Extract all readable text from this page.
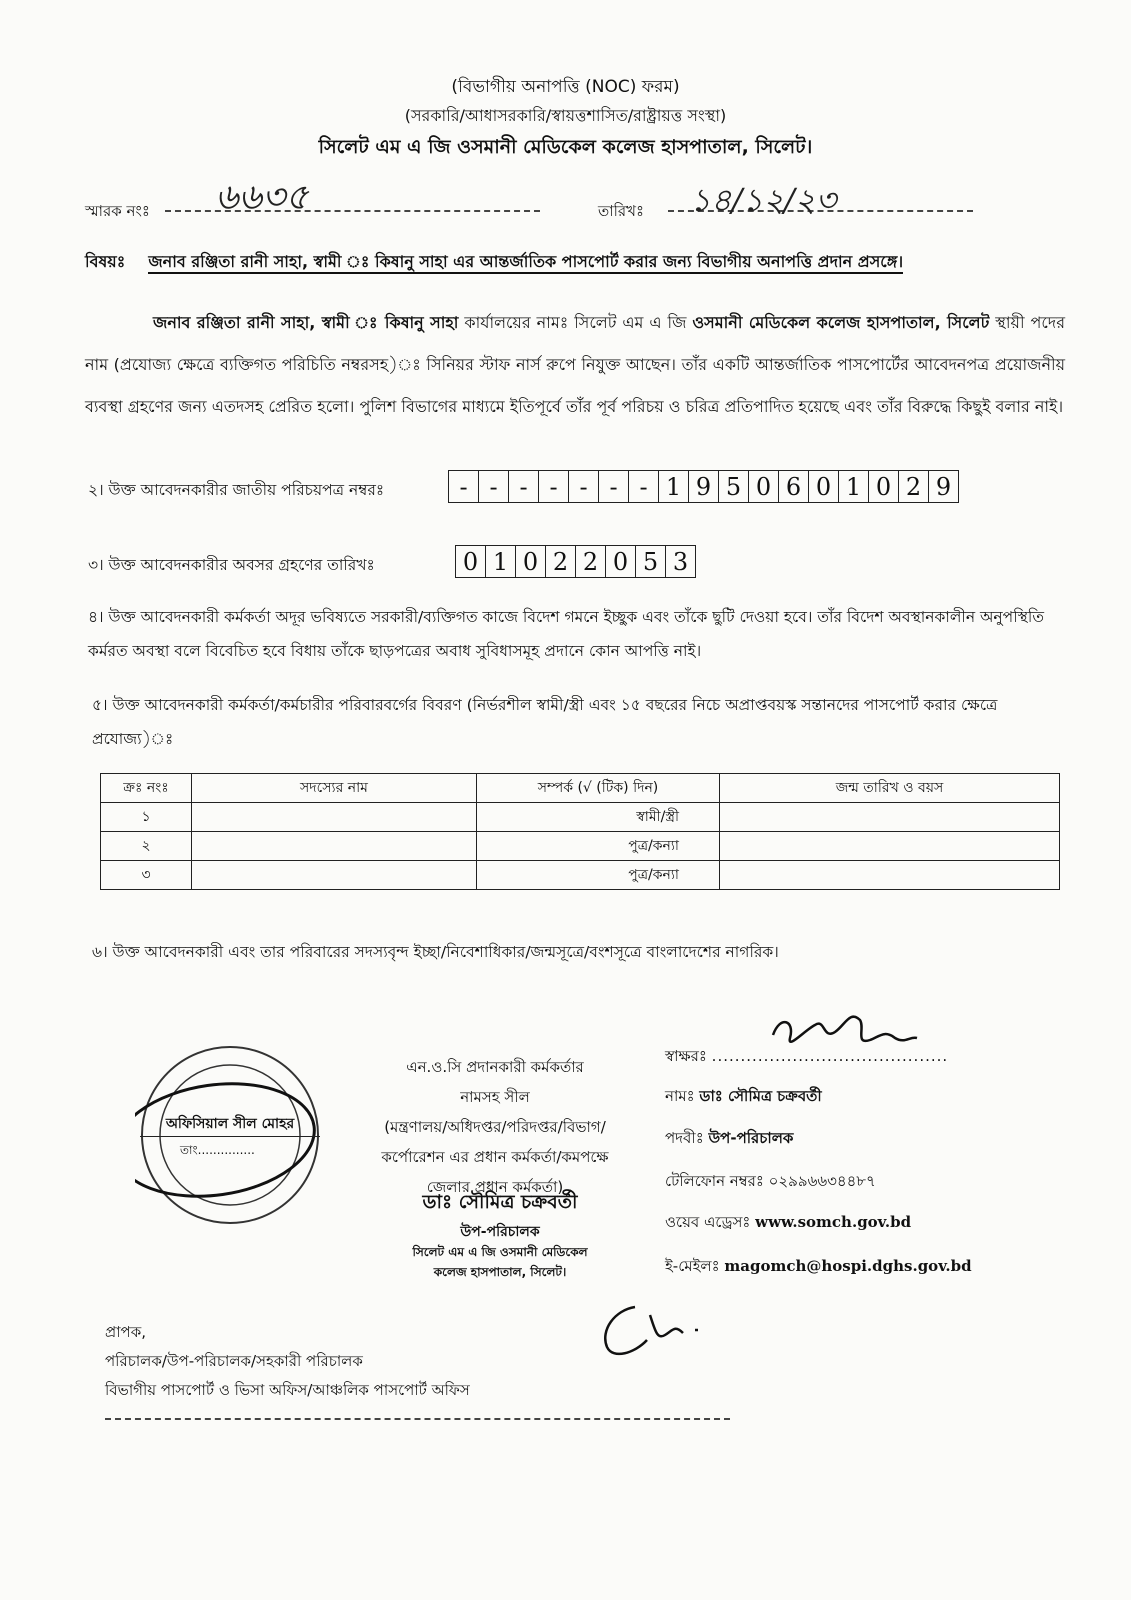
(বিভাগীয় অনাপত্তি (NOC) ফরম)
(সরকারি/আধাসরকারি/স্বায়ত্তশাসিত/রাষ্ট্রায়ত্ত সংস্থা)
সিলেট এম এ জি ওসমানী মেডিকেল কলেজ হাসপাতাল, সিলেট।
স্মারক নংঃ ৬৬৩৫	তারিখঃ ১৪/১২/২৩
বিষয়ঃ জনাব রঞ্জিতা রানী সাহা, স্বামী ঃ কিষানু সাহা এর আন্তর্জাতিক পাসপোর্ট করার জন্য বিভাগীয় অনাপত্তি প্রদান প্রসঙ্গে।
জনাব রঞ্জিতা রানী সাহা, স্বামী ঃ কিষানু সাহা কার্যালয়ের নামঃ সিলেট এম এ জি ওসমানী মেডিকেল কলেজ হাসপাতাল, সিলেট স্থায়ী পদের নাম (প্রযোজ্য ক্ষেত্রে ব্যক্তিগত পরিচিতি নম্বরসহ)ঃ সিনিয়র স্টাফ নার্স রুপে নিযুক্ত আছেন। তাঁর একটি আন্তর্জাতিক পাসপোর্টের আবেদনপত্র প্রয়োজনীয় ব্যবস্থা গ্রহণের জন্য এতদসহ প্রেরিত হলো। পুলিশ বিভাগের মাধ্যমে ইতিপূর্বে তাঁর পূর্ব পরিচয় ও চরিত্র প্রতিপাদিত হয়েছে এবং তাঁর বিরুদ্ধে কিছুই বলার নাই।
২। উক্ত আবেদনকারীর জাতীয় পরিচয়পত্র নম্বরঃ	- - - - - - - 1 9 5 0 6 0 1 0 2 9
৩। উক্ত আবেদনকারীর অবসর গ্রহণের তারিখঃ	0 1 0 2 2 0 5 3
৪। উক্ত আবেদনকারী কর্মকর্তা অদূর ভবিষ্যতে সরকারী/ব্যক্তিগত কাজে বিদেশ গমনে ইচ্ছুক এবং তাঁকে ছুটি দেওয়া হবে। তাঁর বিদেশ অবস্থানকালীন অনুপস্থিতি কর্মরত অবস্থা বলে বিবেচিত হবে বিধায় তাঁকে ছাড়পত্রের অবাধ সুবিধাসমূহ প্রদানে কোন আপত্তি নাই।
৫। উক্ত আবেদনকারী কর্মকর্তা/কর্মচারীর পরিবারবর্গের বিবরণ (নির্ভরশীল স্বামী/স্ত্রী এবং ১৫ বছরের নিচে অপ্রাপ্তবয়স্ক সন্তানদের পাসপোর্ট করার ক্ষেত্রে প্রযোজ্য)ঃ
ক্রঃ নংঃ	সদস্যের নাম	সম্পর্ক (√ (টিক) দিন)	জন্ম তারিখ ও বয়স
১		স্বামী/স্ত্রী	
২		পুত্র/কন্যা	
৩		পুত্র/কন্যা	
৬। উক্ত আবেদনকারী এবং তার পরিবারের সদস্যবৃন্দ ইচ্ছা/নিবেশাধিকার/জন্মসূত্রে/বংশসূত্রে বাংলাদেশের নাগরিক।
অফিসিয়াল সীল মোহর
তাং...............
এন.ও.সি প্রদানকারী কর্মকর্তার
নামসহ সীল
(মন্ত্রণালয়/অধিদপ্তর/পরিদপ্তর/বিভাগ/
কর্পোরেশন এর প্রধান কর্মকর্তা/কমপক্ষে
জেলার প্রধান কর্মকর্তা)
ডাঃ সৌমিত্র চক্রবর্তী
উপ-পরিচালক
সিলেট এম এ জি ওসমানী মেডিকেল
কলেজ হাসপাতাল, সিলেট।
স্বাক্ষরঃ .........................................
নামঃ ডাঃ সৌমিত্র চক্রবর্তী
পদবীঃ উপ-পরিচালক
টেলিফোন নম্বরঃ ০২৯৯৬৬৩৪৪৮৭
ওয়েব এড্রেসঃ www.somch.gov.bd
ই-মেইলঃ magomch@hospi.dghs.gov.bd
প্রাপক,
পরিচালক/উপ-পরিচালক/সহকারী পরিচালক
বিভাগীয় পাসপোর্ট ও ভিসা অফিস/আঞ্চলিক পাসপোর্ট অফিস
